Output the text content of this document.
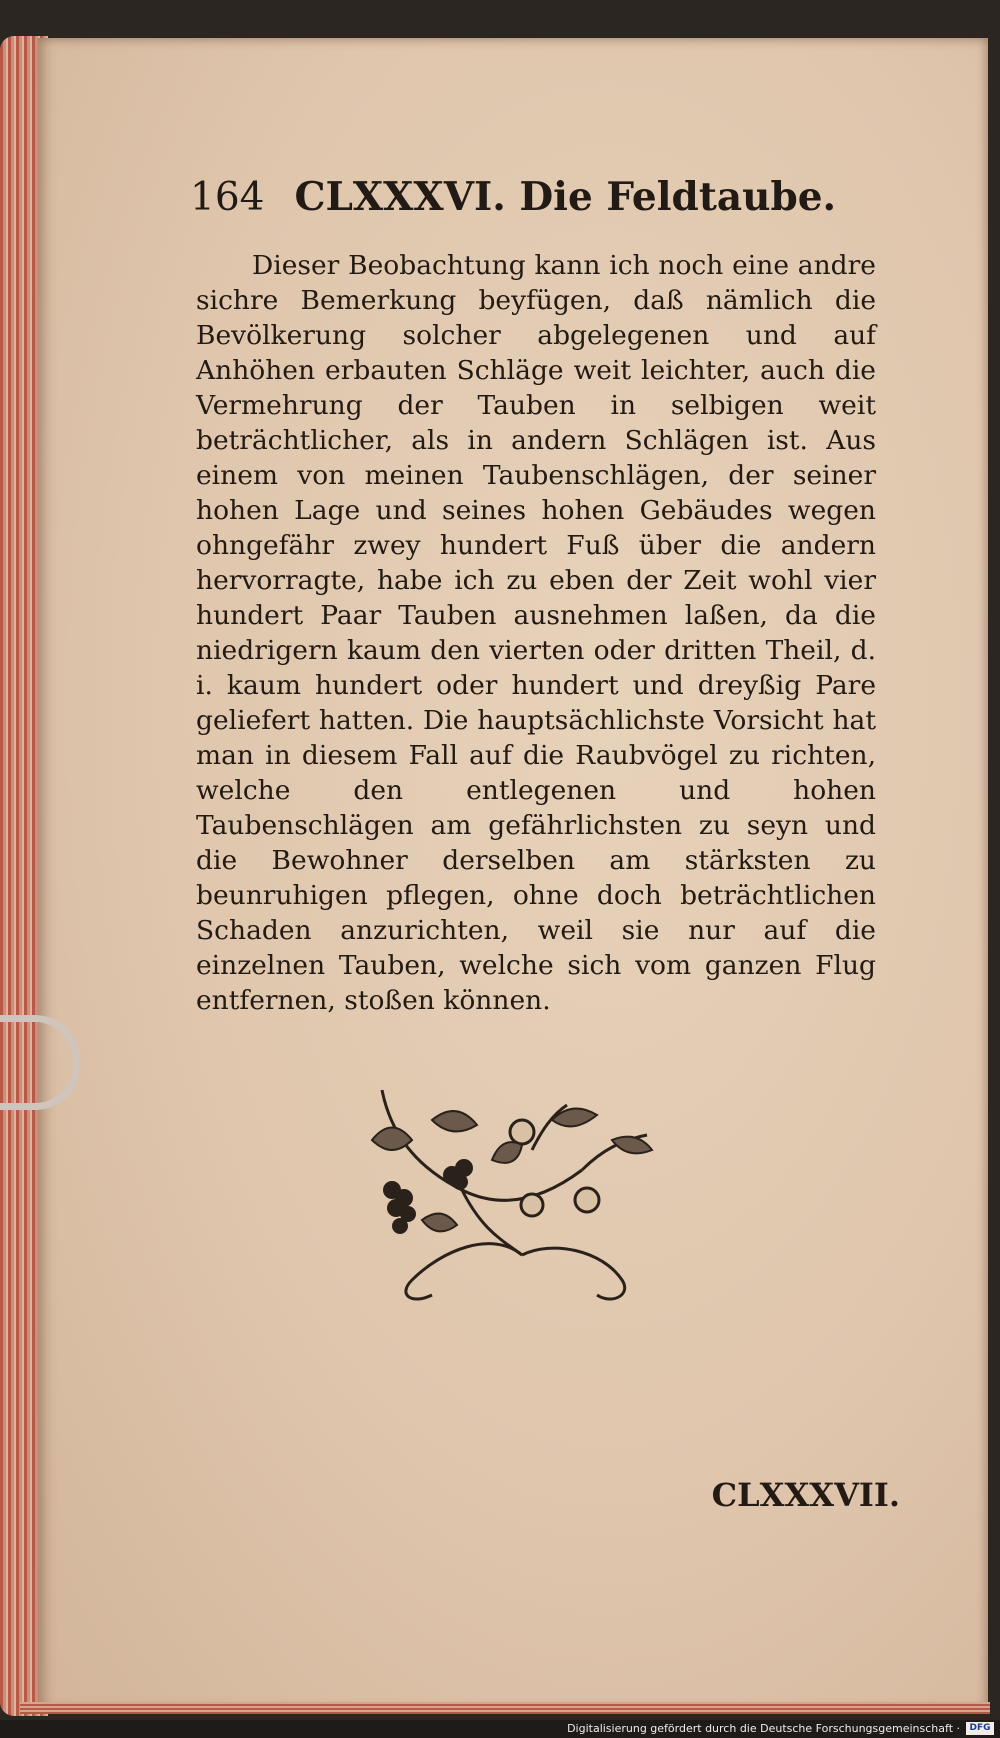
164 CLXXXVI. Die Feldtaube.
Dieser Beobachtung kann ich noch eine andre sichre Bemerkung beyfügen, daß nämlich die Bevölkerung solcher abgelegenen und auf Anhöhen erbauten Schläge weit leichter, auch die Vermehrung der Tauben in selbigen weit beträchtlicher, als in andern Schlägen ist. Aus einem von meinen Taubenschlägen, der seiner hohen Lage und seines hohen Gebäudes wegen ohngefähr zwey hundert Fuß über die andern hervorragte, habe ich zu eben der Zeit wohl vier hundert Paar Tauben ausnehmen laßen, da die niedrigern kaum den vierten oder dritten Theil, d. i. kaum hundert oder hundert und dreyßig Pare geliefert hatten. Die hauptsächlichste Vorsicht hat man in diesem Fall auf die Raubvögel zu richten, welche den entlegenen und hohen Taubenschlägen am gefährlichsten zu seyn und die Bewohner derselben am stärksten zu beunruhigen pflegen, ohne doch beträchtlichen Schaden anzurichten, weil sie nur auf die einzelnen Tauben, welche sich vom ganzen Flug entfernen, stoßen können.
CLXXXVII.
Digitalisierung gefördert durch die Deutsche Forschungsgemeinschaft ·	DFG
